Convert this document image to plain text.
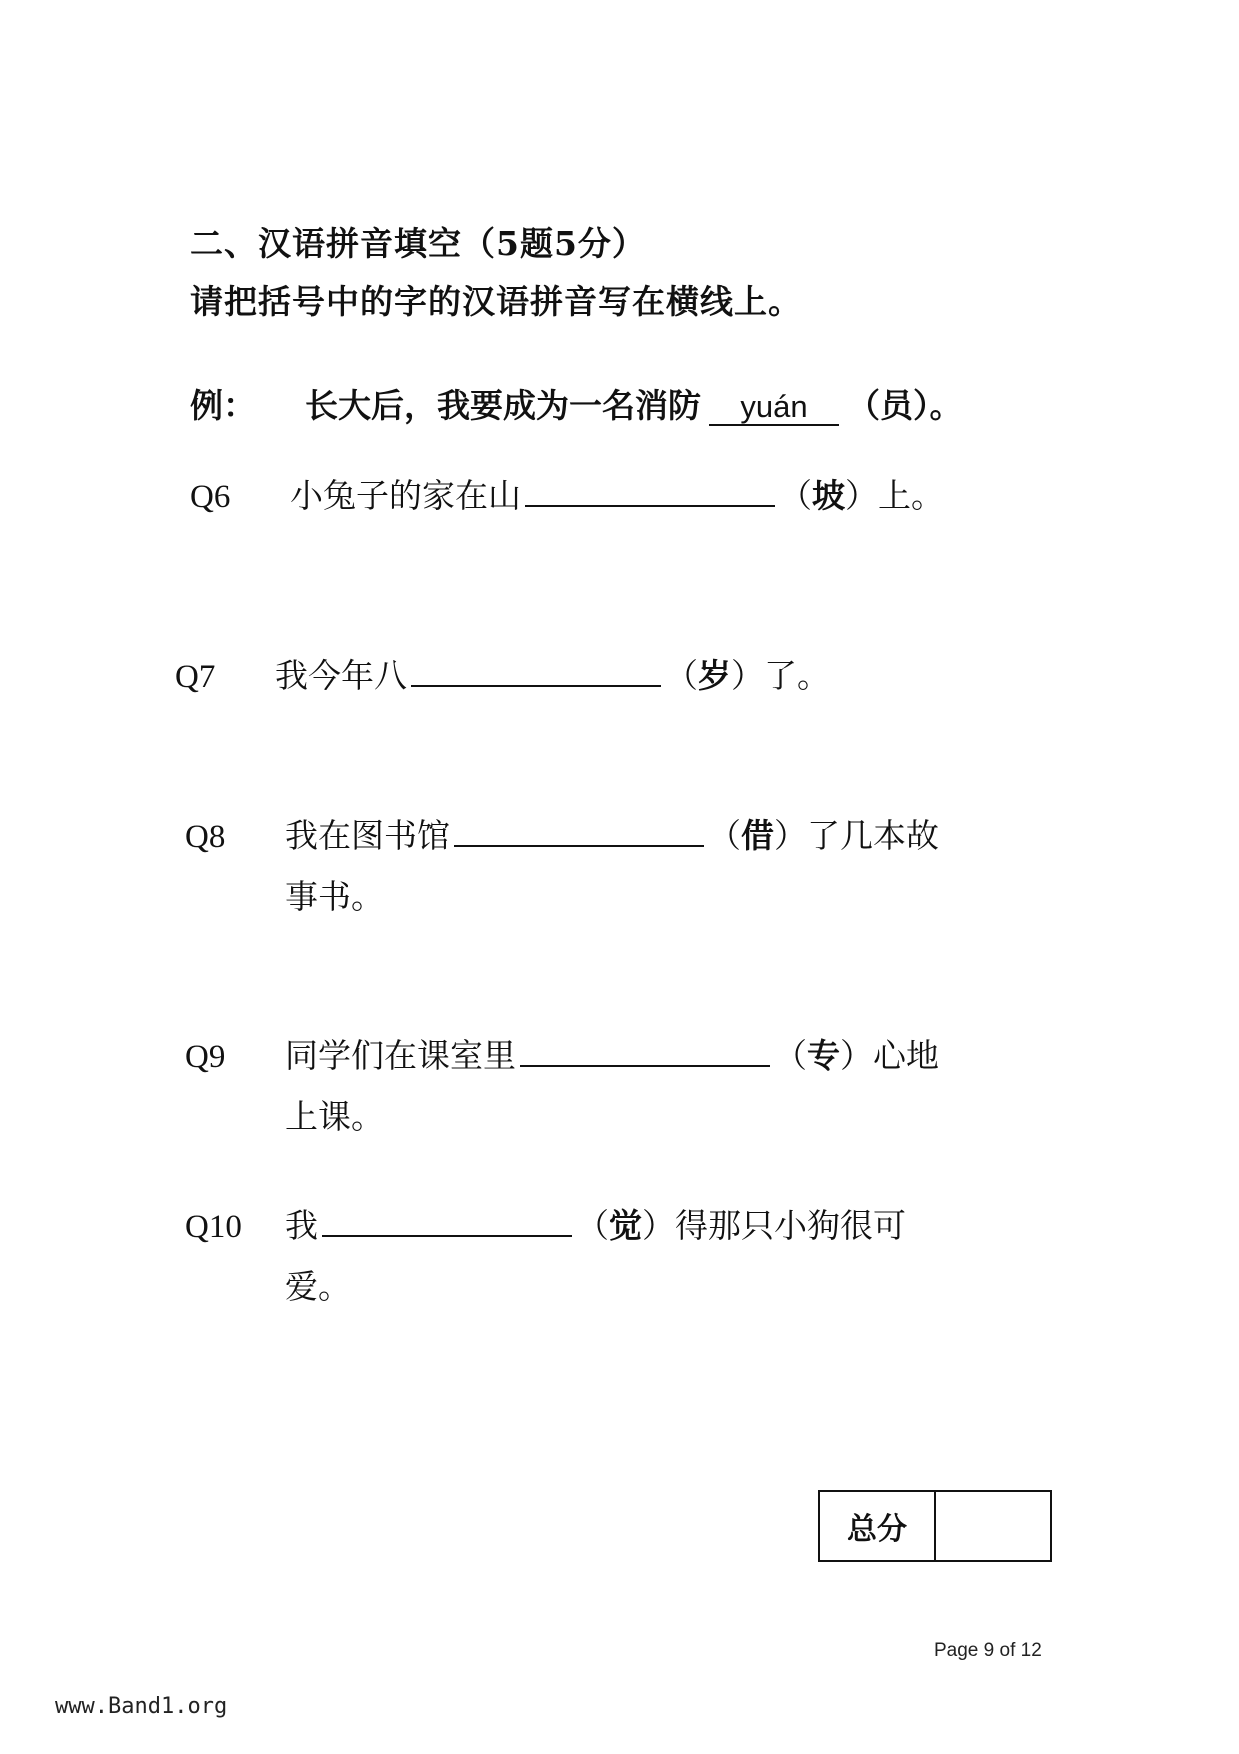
二、汉语拼音填空（5题5分）
请把括号中的字的汉语拼音写在横线上。
例： 长大后，我要成为一名消防 yuán （员）。
Q6 小兔子的家在山	（坡）上。
Q7 我今年八	（岁）了。
Q8 我在图书馆	（借）了几本故
事书。
Q9 同学们在课室里	（专）心地
上课。
Q10 我	（觉）得那只小狗很可
爱。
总分
Page 9 of 12
www.Band1.org
